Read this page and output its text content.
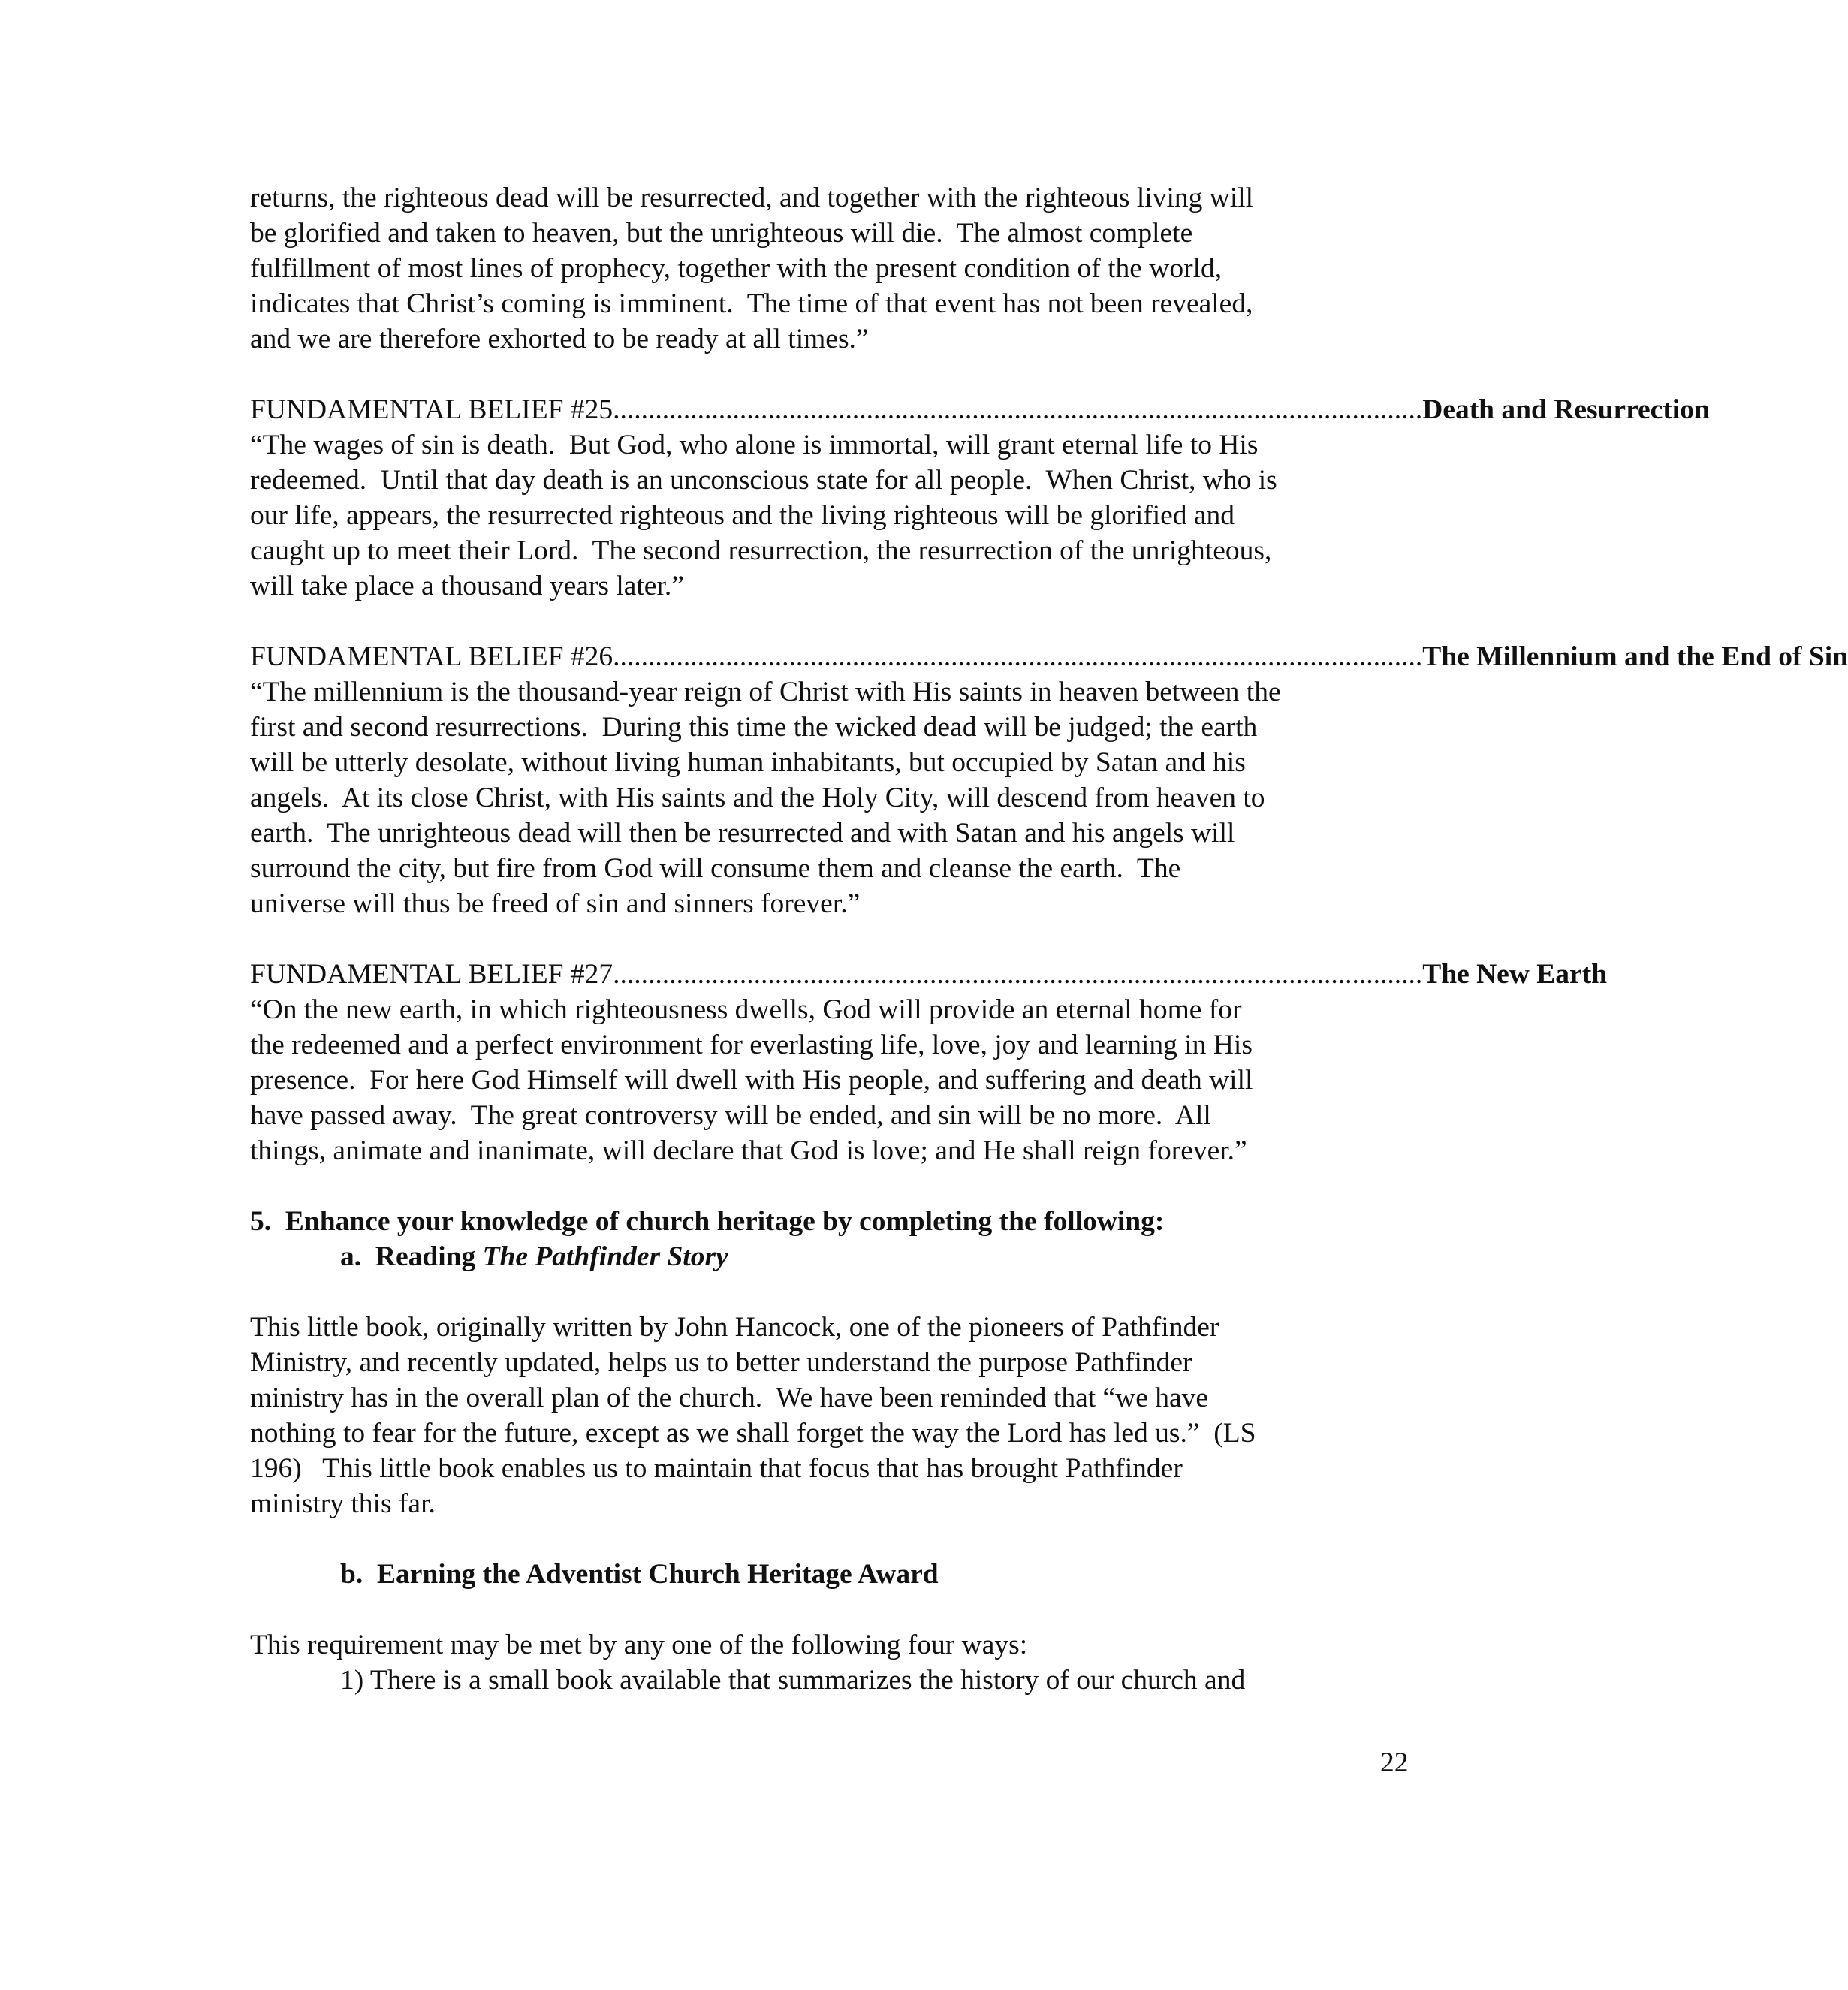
returns, the righteous dead will be resurrected, and together with the righteous living will
be glorified and taken to heaven, but the unrighteous will die.  The almost complete
fulfillment of most lines of prophecy, together with the present condition of the world,
indicates that Christ’s coming is imminent.  The time of that event has not been revealed,
and we are therefore exhorted to be ready at all times.”
FUNDAMENTAL BELIEF #25 ................................................................................................................... Death and Resurrection
“The wages of sin is death.  But God, who alone is immortal, will grant eternal life to His
redeemed.  Until that day death is an unconscious state for all people.  When Christ, who is
our life, appears, the resurrected righteous and the living righteous will be glorified and
caught up to meet their Lord.  The second resurrection, the resurrection of the unrighteous,
will take place a thousand years later.”
FUNDAMENTAL BELIEF #26 ................................................................................................................... The Millennium and the End of Sin
“The millennium is the thousand-year reign of Christ with His saints in heaven between the
first and second resurrections.  During this time the wicked dead will be judged; the earth
will be utterly desolate, without living human inhabitants, but occupied by Satan and his
angels.  At its close Christ, with His saints and the Holy City, will descend from heaven to
earth.  The unrighteous dead will then be resurrected and with Satan and his angels will
surround the city, but fire from God will consume them and cleanse the earth.  The
universe will thus be freed of sin and sinners forever.”
FUNDAMENTAL BELIEF #27 ................................................................................................................... The New Earth
“On the new earth, in which righteousness dwells, God will provide an eternal home for
the redeemed and a perfect environment for everlasting life, love, joy and learning in His
presence.  For here God Himself will dwell with His people, and suffering and death will
have passed away.  The great controversy will be ended, and sin will be no more.  All
things, animate and inanimate, will declare that God is love; and He shall reign forever.”
5.  Enhance your knowledge of church heritage by completing the following:
a.  Reading The Pathfinder Story
This little book, originally written by John Hancock, one of the pioneers of Pathfinder
Ministry, and recently updated, helps us to better understand the purpose Pathfinder
ministry has in the overall plan of the church.  We have been reminded that “we have
nothing to fear for the future, except as we shall forget the way the Lord has led us.”  (LS
196)   This little book enables us to maintain that focus that has brought Pathfinder
ministry this far.
b.  Earning the Adventist Church Heritage Award
This requirement may be met by any one of the following four ways:
1) There is a small book available that summarizes the history of our church and
22
